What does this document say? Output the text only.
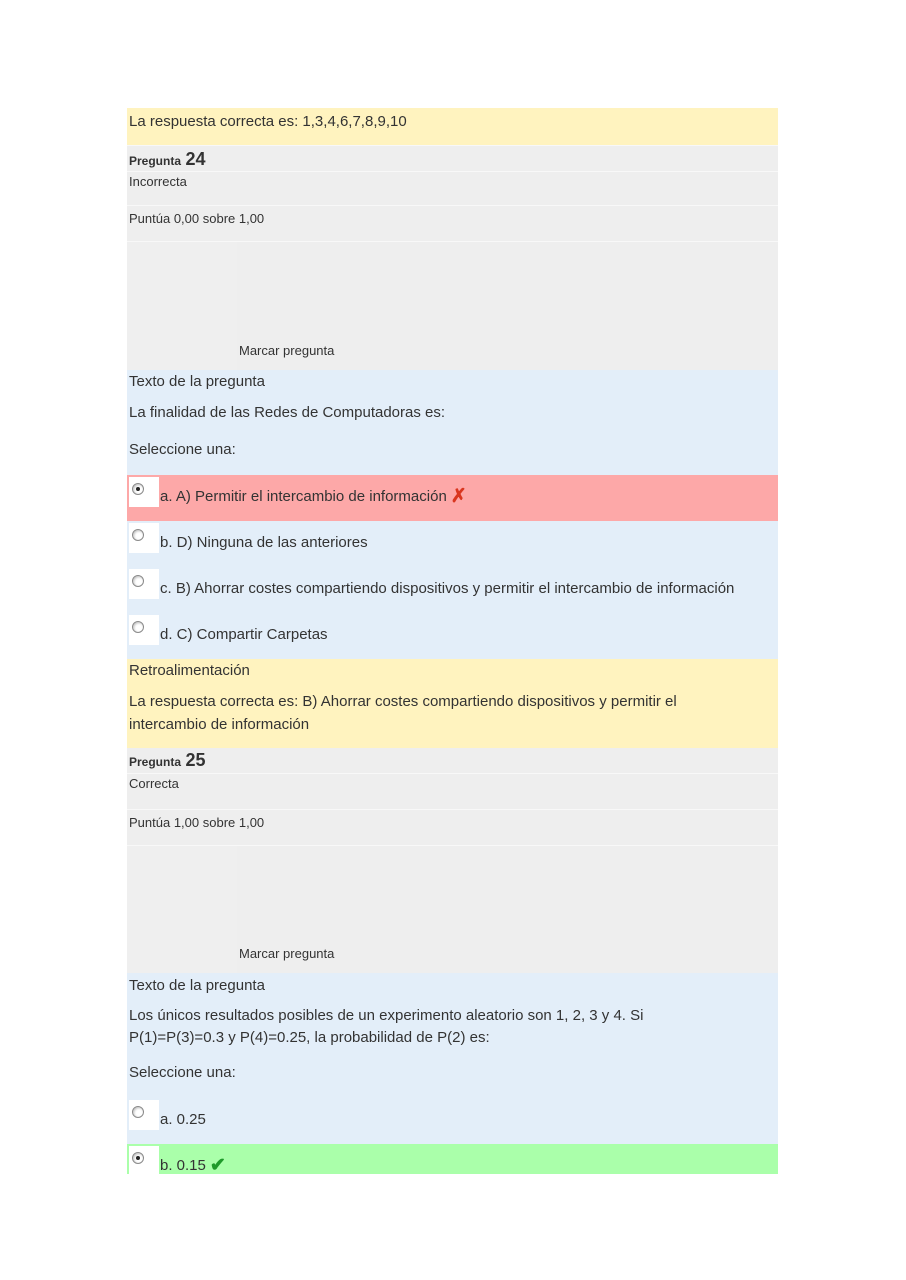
La respuesta correcta es: 1,3,4,6,7,8,9,10
Pregunta 24
Incorrecta
Puntúa 0,00 sobre 1,00
Marcar pregunta
Texto de la pregunta
La finalidad de las Redes de Computadoras es:
Seleccione una:
a. A) Permitir el intercambio de información ✗
b. D) Ninguna de las anteriores
c. B) Ahorrar costes compartiendo dispositivos y permitir el intercambio de información
d. C) Compartir Carpetas
Retroalimentación
La respuesta correcta es: B) Ahorrar costes compartiendo dispositivos y permitir el intercambio de información
Pregunta 25
Correcta
Puntúa 1,00 sobre 1,00
Marcar pregunta
Texto de la pregunta
Los únicos resultados posibles de un experimento aleatorio son 1, 2, 3 y 4. Si P(1)=P(3)=0.3 y P(4)=0.25, la probabilidad de P(2) es:
Seleccione una:
a. 0.25
b. 0.15 ✔
